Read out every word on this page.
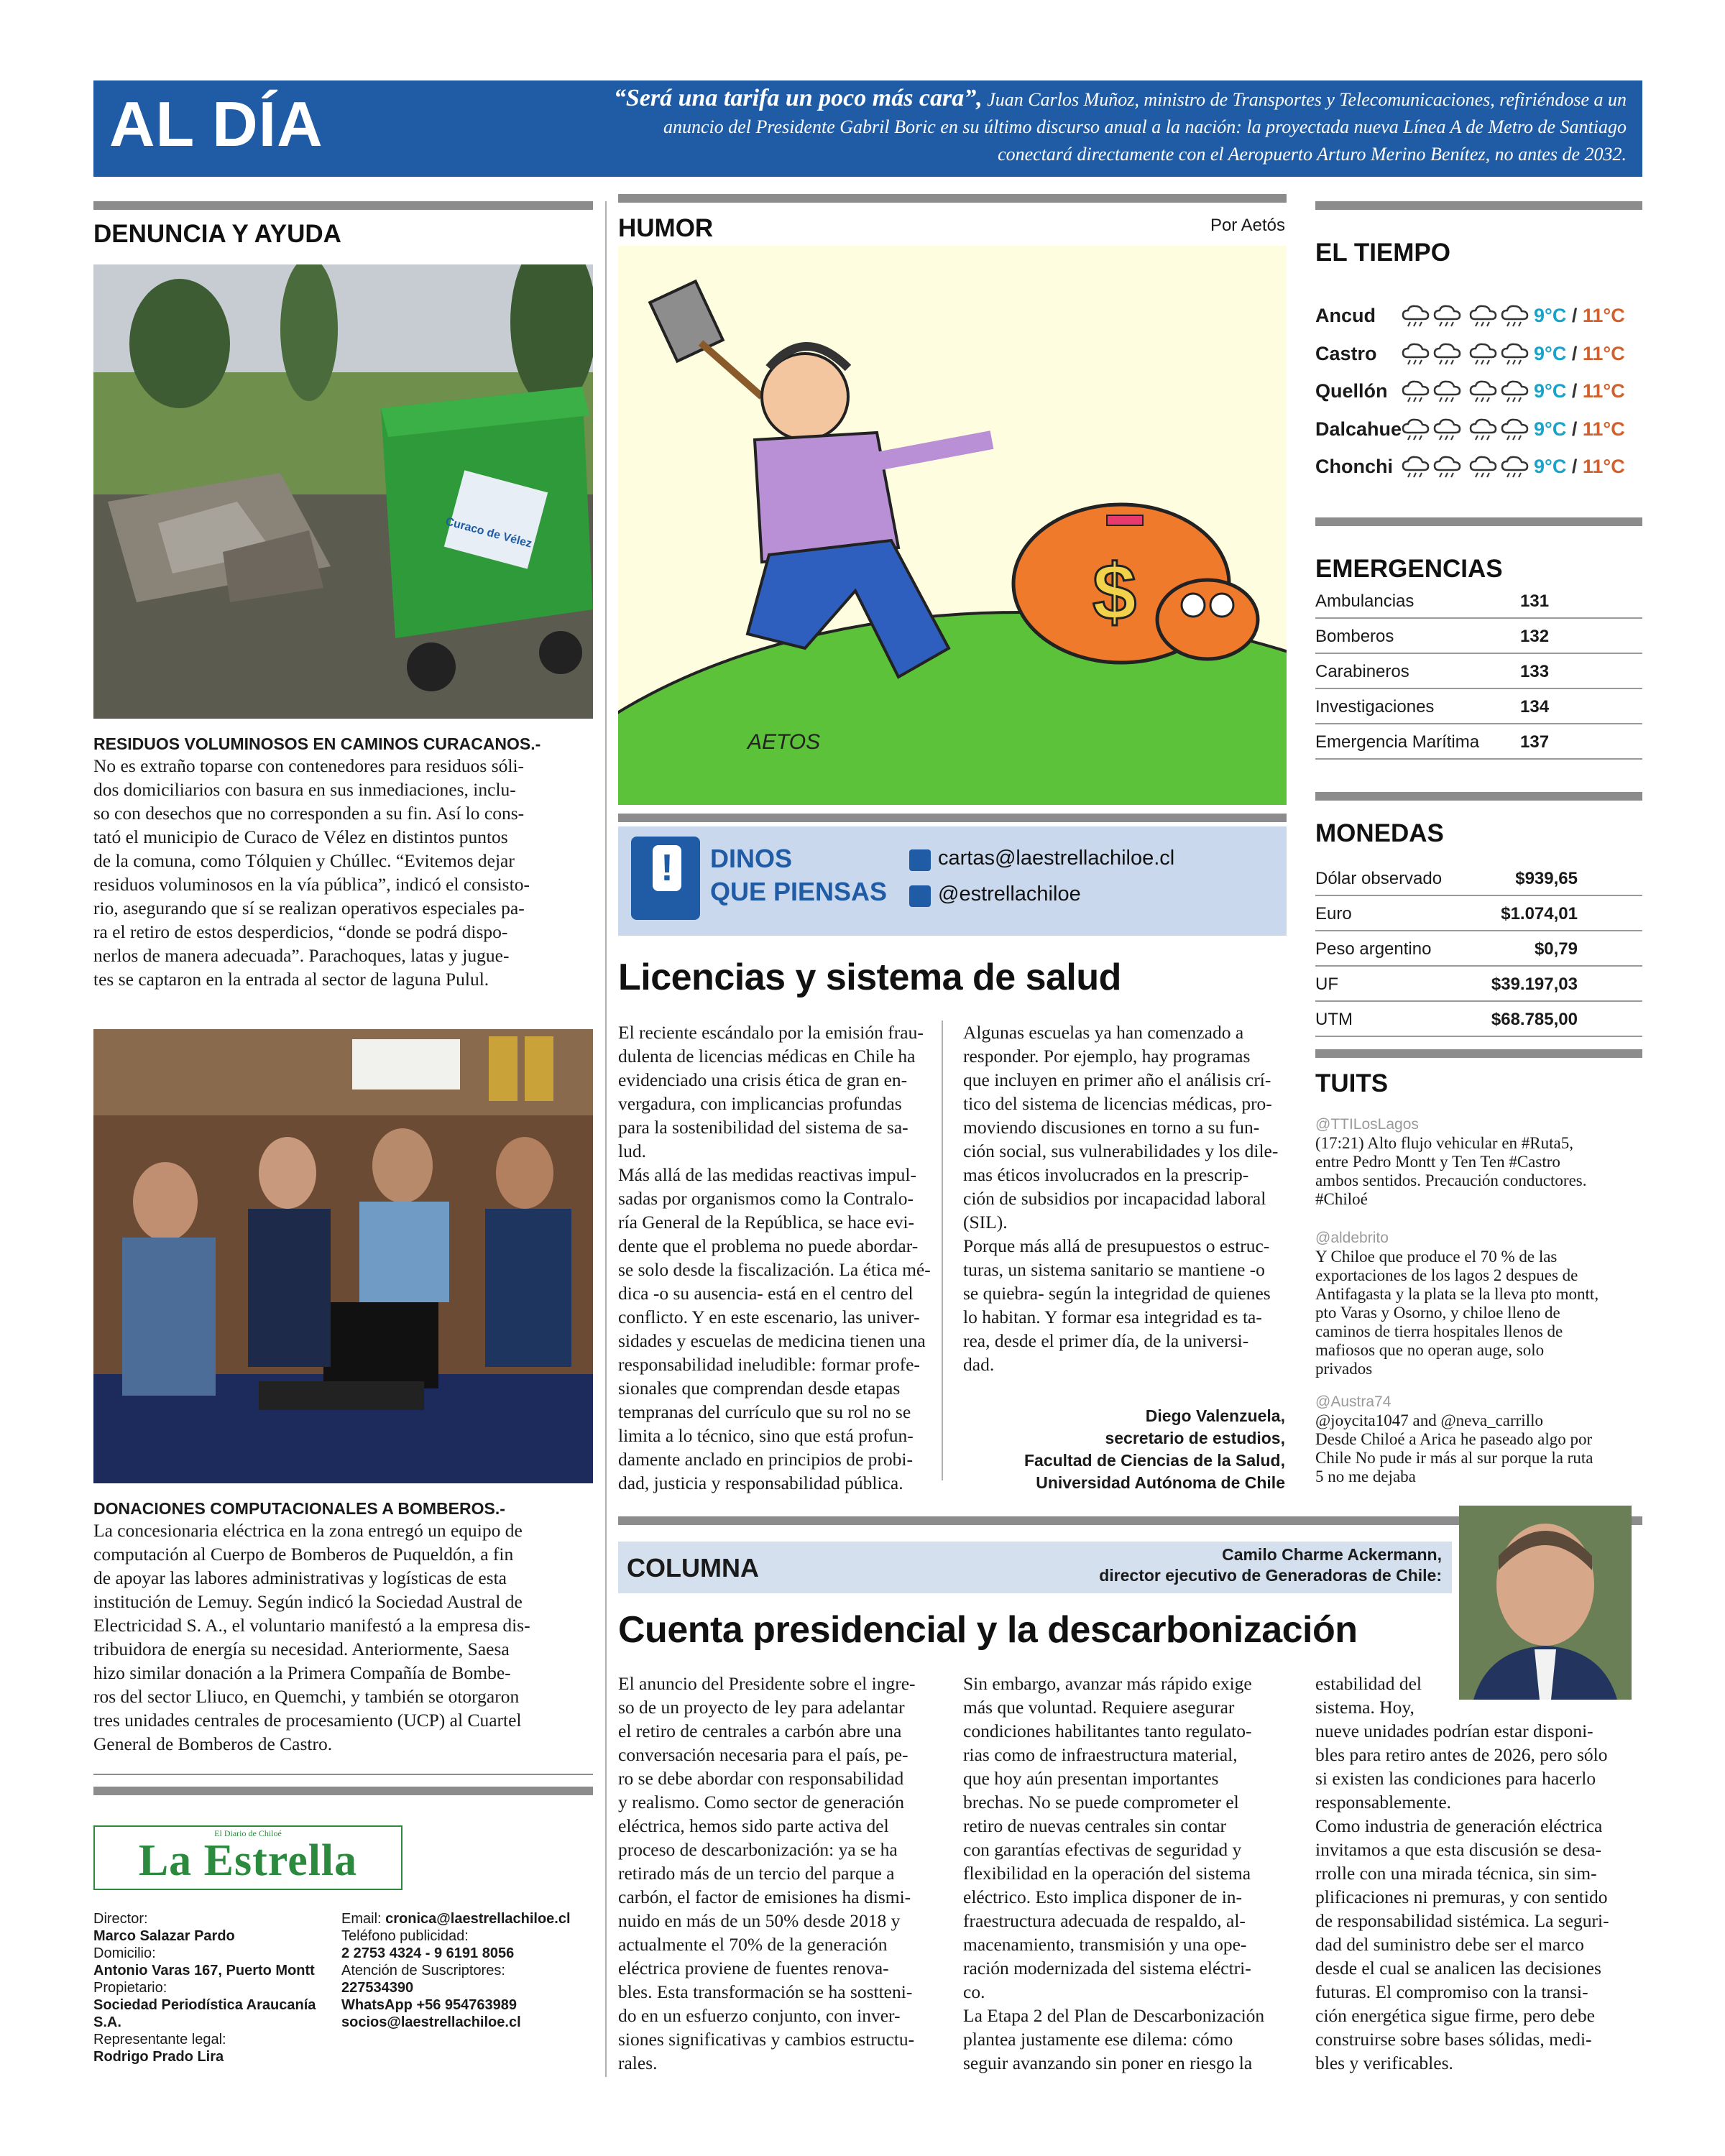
AL DÍA	“Será una tarifa un poco más cara”, Juan Carlos Muñoz, ministro de Transportes y Telecomunicaciones, refiriéndose a un anuncio del Presidente Gabril Boric en su último discurso anual a la nación: la proyectada nueva Línea A de Metro de Santiago conectará directamente con el Aeropuerto Arturo Merino Benítez, no antes de 2032.
DENUNCIA Y AYUDA
Curaco de Vélez
RESIDUOS VOLUMINOSOS EN CAMINOS CURACANOS.-
No es extraño toparse con contenedores para residuos sóli-
dos domiciliarios con basura en sus inmediaciones, inclu-
so con desechos que no corresponden a su fin. Así lo cons-
tató el municipio de Curaco de Vélez en distintos puntos
de la comuna, como Tólquien y Chúllec. “Evitemos dejar
residuos voluminosos en la vía pública”, indicó el consisto-
rio, asegurando que sí se realizan operativos especiales pa-
ra el retiro de estos desperdicios, “donde se podrá dispo-
nerlos de manera adecuada”. Parachoques, latas y jugue-
tes se captaron en la entrada al sector de laguna Pulul.
DONACIONES COMPUTACIONALES A BOMBEROS.-
La concesionaria eléctrica en la zona entregó un equipo de
computación al Cuerpo de Bomberos de Puqueldón, a fin
de apoyar las labores administrativas y logísticas de esta
institución de Lemuy. Según indicó la Sociedad Austral de
Electricidad S. A., el voluntario manifestó a la empresa dis-
tribuidora de energía su necesidad. Anteriormente, Saesa
hizo similar donación a la Primera Compañía de Bombe-
ros del sector Lliuco, en Quemchi, y también se otorgaron
tres unidades centrales de procesamiento (UCP) al Cuartel
General de Bomberos de Castro.
El Diario de Chiloé
La Estrella
Director:
Marco Salazar Pardo
Domicilio:
Antonio Varas 167, Puerto Montt
Propietario:
Sociedad Periodística Araucanía S.A.
Representante legal:
Rodrigo Prado Lira
Email: cronica@laestrellachiloe.cl
Teléfono publicidad:
2 2753 4324 - 9 6191 8056
Atención de Suscriptores:
227534390
WhatsApp +56 954763989
socios@laestrellachiloe.cl
HUMOR	Por Aetós
$
AETOS
!	DINOS
QUE PIENSAS
cartas@laestrellachiloe.cl
@estrellachiloe
Licencias y sistema de salud
El reciente escándalo por la emisión frau-
dulenta de licencias médicas en Chile ha
evidenciado una crisis ética de gran en-
vergadura, con implicancias profundas
para la sostenibilidad del sistema de sa-
lud.
Más allá de las medidas reactivas impul-
sadas por organismos como la Contralo-
ría General de la República, se hace evi-
dente que el problema no puede abordar-
se solo desde la fiscalización. La ética mé-
dica -o su ausencia- está en el centro del
conflicto. Y en este escenario, las univer-
sidades y escuelas de medicina tienen una
responsabilidad ineludible: formar profe-
sionales que comprendan desde etapas
tempranas del currículo que su rol no se
limita a lo técnico, sino que está profun-
damente anclado en principios de probi-
dad, justicia y responsabilidad pública.
Algunas escuelas ya han comenzado a
responder. Por ejemplo, hay programas
que incluyen en primer año el análisis crí-
tico del sistema de licencias médicas, pro-
moviendo discusiones en torno a su fun-
ción social, sus vulnerabilidades y los dile-
mas éticos involucrados en la prescrip-
ción de subsidios por incapacidad laboral
(SIL).
Porque más allá de presupuestos o estruc-
turas, un sistema sanitario se mantiene -o
se quiebra- según la integridad de quienes
lo habitan. Y formar esa integridad es ta-
rea, desde el primer día, de la universi-
dad.
Diego Valenzuela,
secretario de estudios,
Facultad de Ciencias de la Salud,
Universidad Autónoma de Chile
COLUMNA	Camilo Charme Ackermann,
director ejecutivo de Generadoras de Chile:
Cuenta presidencial y la descarbonización
El anuncio del Presidente sobre el ingre-
so de un proyecto de ley para adelantar
el retiro de centrales a carbón abre una
conversación necesaria para el país, pe-
ro se debe abordar con responsabilidad
y realismo. Como sector de generación
eléctrica, hemos sido parte activa del
proceso de descarbonización: ya se ha
retirado más de un tercio del parque a
carbón, el factor de emisiones ha dismi-
nuido en más de un 50% desde 2018 y
actualmente el 70% de la generación
eléctrica proviene de fuentes renova-
bles. Esta transformación se ha sostteni-
do en un esfuerzo conjunto, con inver-
siones significativas y cambios estructu-
rales.
Sin embargo, avanzar más rápido exige
más que voluntad. Requiere asegurar
condiciones habilitantes tanto regulato-
rias como de infraestructura material,
que hoy aún presentan importantes
brechas. No se puede comprometer el
retiro de nuevas centrales sin contar
con garantías efectivas de seguridad y
flexibilidad en la operación del sistema
eléctrico. Esto implica disponer de in-
fraestructura adecuada de respaldo, al-
macenamiento, transmisión y una ope-
ración modernizada del sistema eléctri-
co.
La Etapa 2 del Plan de Descarbonización
plantea justamente ese dilema: cómo
seguir avanzando sin poner en riesgo la
estabilidad del
sistema. Hoy,
nueve unidades podrían estar disponi-
bles para retiro antes de 2026, pero sólo
si existen las condiciones para hacerlo
responsablemente.
Como industria de generación eléctrica
invitamos a que esta discusión se desa-
rrolle con una mirada técnica, sin sim-
plificaciones ni premuras, y con sentido
de responsabilidad sistémica. La seguri-
dad del suministro debe ser el marco
desde el cual se analicen las decisiones
futuras. El compromiso con la transi-
ción energética sigue firme, pero debe
construirse sobre bases sólidas, medi-
bles y verificables.
EL TIEMPO
Ancud	9°C / 11°C
Castro	9°C / 11°C
Quellón	9°C / 11°C
Dalcahue	9°C / 11°C
Chonchi	9°C / 11°C
EMERGENCIAS
Ambulancias	131
Bomberos	132
Carabineros	133
Investigaciones	134
Emergencia Marítima 137
MONEDAS
Dólar observado	$939,65
Euro	$1.074,01
Peso argentino	$0,79
UF	$39.197,03
UTM	$68.785,00
TUITS
@TTILosLagos
(17:21) Alto flujo vehicular en #Ruta5,
entre Pedro Montt y Ten Ten #Castro
ambos sentidos. Precaución conductores.
#Chiloé
@aldebrito
Y Chiloe que produce el 70 % de las
exportaciones de los lagos 2 despues de
Antifagasta y la plata se la lleva pto montt,
pto Varas y Osorno, y chiloe lleno de
caminos de tierra hospitales llenos de
mafiosos que no operan auge, solo
privados
@Austra74
@joycita1047 and @neva_carrillo
Desde Chiloé a Arica he paseado algo por
Chile No pude ir más al sur porque la ruta
5 no me dejaba
